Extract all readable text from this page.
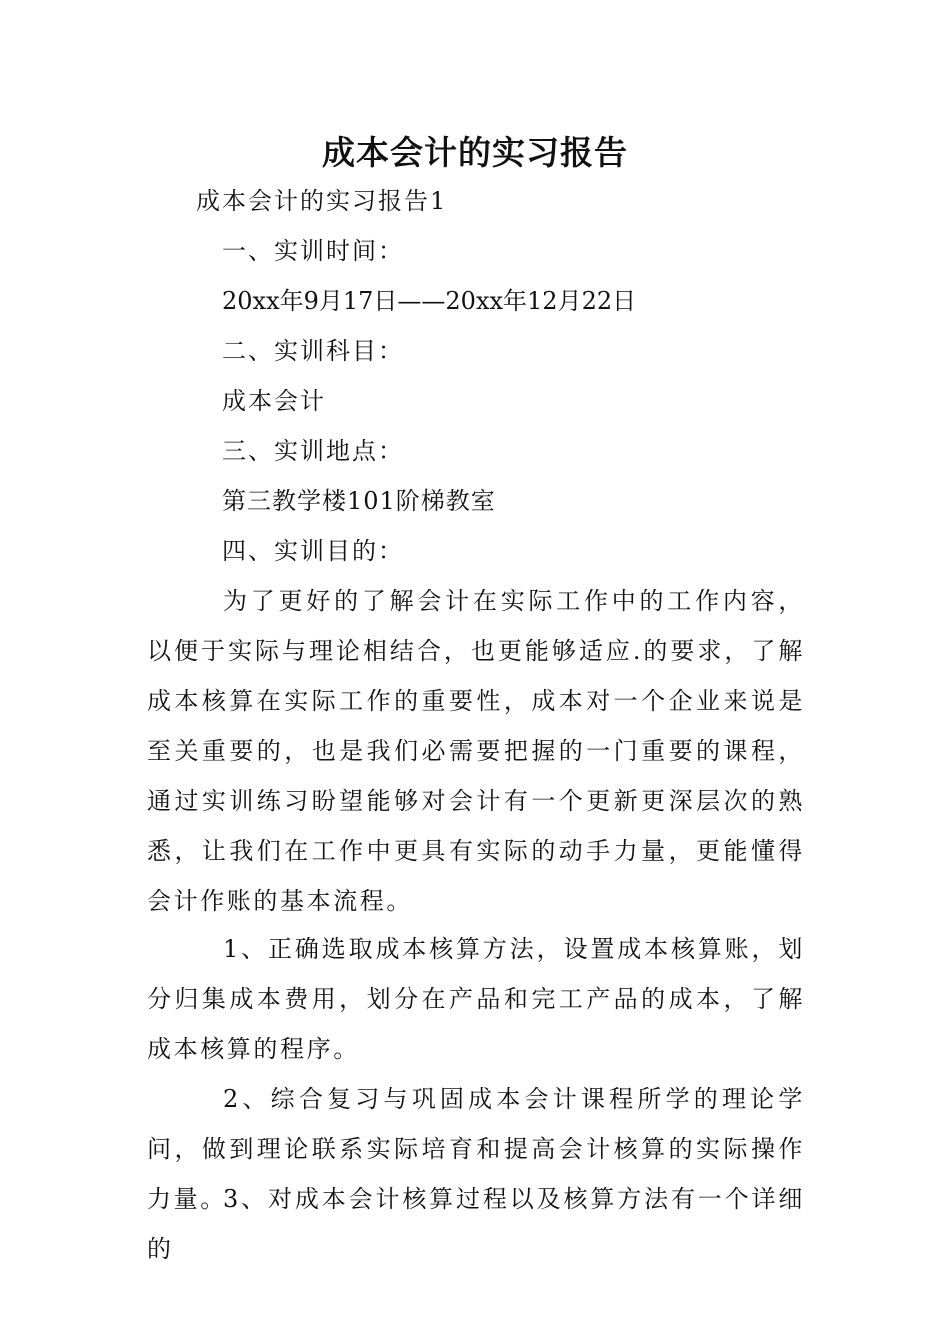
成本会计的实习报告
成本会计的实习报告1
一、实训时间：
20xx年9月17日——20xx年12月22日
二、实训科目：
成本会计
三、实训地点：
第三教学楼101阶梯教室
四、实训目的：
为了更好的了解会计在实际工作中的工作内容，以便于实际与理论相结合，也更能够适应.的要求，了解成本核算在实际工作的重要性，成本对一个企业来说是至关重要的，也是我们必需要把握的一门重要的课程，通过实训练习盼望能够对会计有一个更新更深层次的熟悉，让我们在工作中更具有实际的动手力量，更能懂得会计作账的基本流程。
1、正确选取成本核算方法，设置成本核算账，划分归集成本费用，划分在产品和完工产品的成本，了解成本核算的程序。
2、综合复习与巩固成本会计课程所学的理论学问，做到理论联系实际培育和提高会计核算的实际操作力量。
3、对成本会计核算过程以及核算方法有一个详细的
